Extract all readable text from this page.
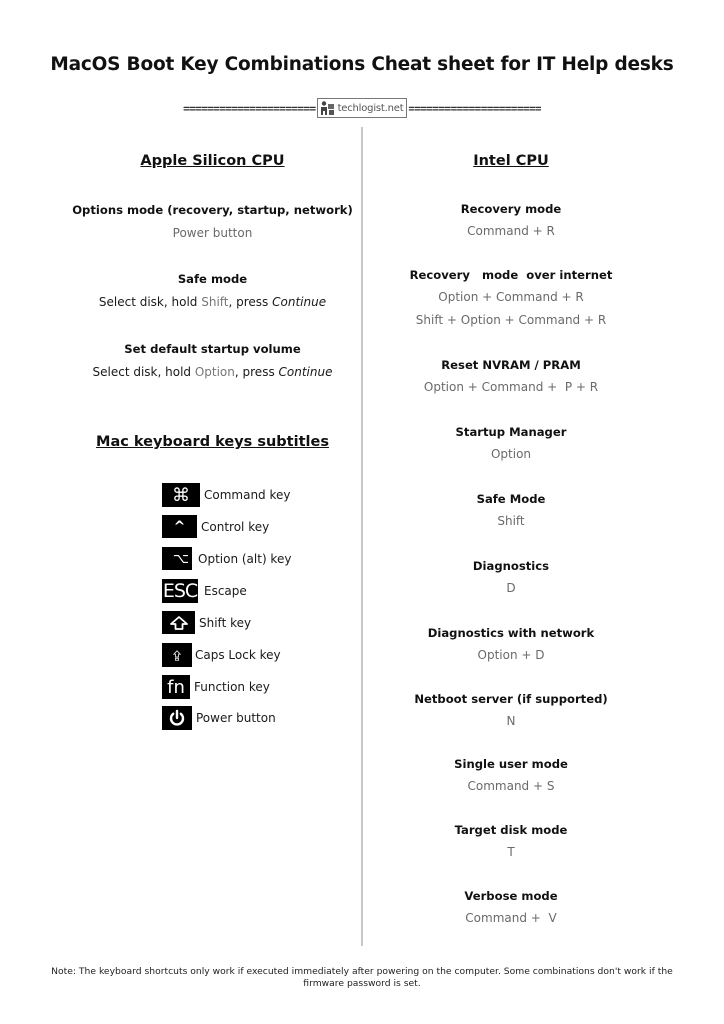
MacOS Boot Key Combinations Cheat sheet for IT Help desks
====================== techlogist.net ======================
Apple Silicon CPU
Options mode (recovery, startup, network)
Power button
Safe mode
Select disk, hold Shift, press Continue
Set default startup volume
Select disk, hold Option, press Continue
Mac keyboard keys subtitles
⌘	Command key
^	Control key
⌥ Option (alt) key
ESC Escape
Shift key
Caps Lock key
fn Function key
Power button
Intel CPU
Recovery mode
Command + R
Recovery   mode  over internet
Option + Command + R
Shift + Option + Command + R
Reset NVRAM / PRAM
Option + Command +  P + R
Startup Manager
Option
Safe Mode
Shift
Diagnostics
D
Diagnostics with network
Option + D
Netboot server (if supported)
N
Single user mode
Command + S
Target disk mode
T
Verbose mode
Command +  V
Note: The keyboard shortcuts only work if executed immediately after powering on the computer. Some combinations don't work if the firmware password is set.
